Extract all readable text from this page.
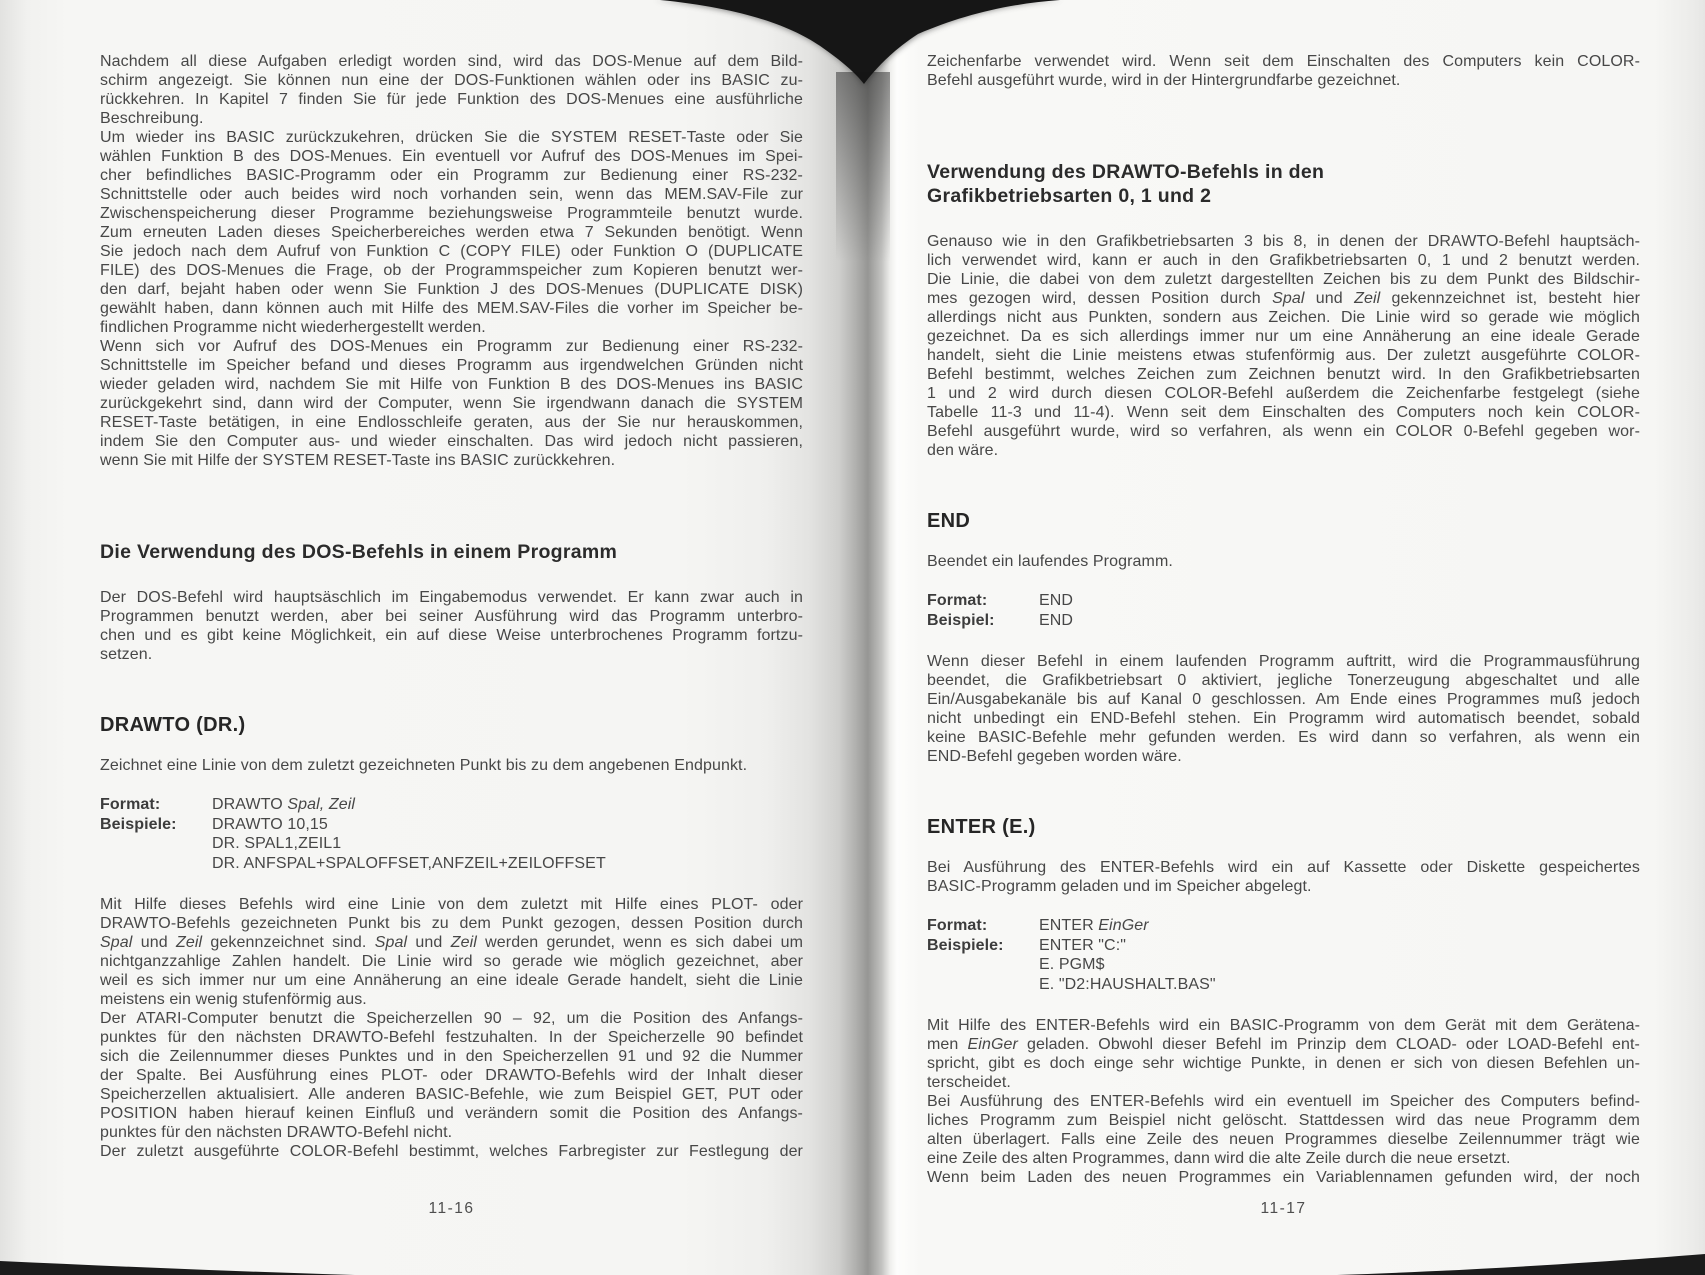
Nachdem all diese Aufgaben erledigt worden sind, wird das DOS-Menue auf dem Bild-
schirm angezeigt. Sie können nun eine der DOS-Funktionen wählen oder ins BASIC zu-
rückkehren. In Kapitel 7 finden Sie für jede Funktion des DOS-Menues eine ausführliche
Beschreibung.
Um wieder ins BASIC zurückzukehren, drücken Sie die SYSTEM RESET-Taste oder Sie
wählen Funktion B des DOS-Menues. Ein eventuell vor Aufruf des DOS-Menues im Spei-
cher befindliches BASIC-Programm oder ein Programm zur Bedienung einer RS-232-
Schnittstelle oder auch beides wird noch vorhanden sein, wenn das MEM.SAV-File zur
Zwischenspeicherung dieser Programme beziehungsweise Programmteile benutzt wurde.
Zum erneuten Laden dieses Speicherbereiches werden etwa 7 Sekunden benötigt. Wenn
Sie jedoch nach dem Aufruf von Funktion C (COPY FILE) oder Funktion O (DUPLICATE
FILE) des DOS-Menues die Frage, ob der Programmspeicher zum Kopieren benutzt wer-
den darf, bejaht haben oder wenn Sie Funktion J des DOS-Menues (DUPLICATE DISK)
gewählt haben, dann können auch mit Hilfe des MEM.SAV-Files die vorher im Speicher be-
findlichen Programme nicht wiederhergestellt werden.
Wenn sich vor Aufruf des DOS-Menues ein Programm zur Bedienung einer RS-232-
Schnittstelle im Speicher befand und dieses Programm aus irgendwelchen Gründen nicht
wieder geladen wird, nachdem Sie mit Hilfe von Funktion B des DOS-Menues ins BASIC
zurückgekehrt sind, dann wird der Computer, wenn Sie irgendwann danach die SYSTEM
RESET-Taste betätigen, in eine Endlosschleife geraten, aus der Sie nur herauskommen,
indem Sie den Computer aus- und wieder einschalten. Das wird jedoch nicht passieren,
wenn Sie mit Hilfe der SYSTEM RESET-Taste ins BASIC zurückkehren.
Die Verwendung des DOS-Befehls in einem Programm
Der DOS-Befehl wird hauptsäschlich im Eingabemodus verwendet. Er kann zwar auch in
Programmen benutzt werden, aber bei seiner Ausführung wird das Programm unterbro-
chen und es gibt keine Möglichkeit, ein auf diese Weise unterbrochenes Programm fortzu-
setzen.
DRAWTO (DR.)
Zeichnet eine Linie von dem zuletzt gezeichneten Punkt bis zu dem angebenen Endpunkt.
Format:	DRAWTO Spal, Zeil
Beispiele:	DRAWTO 10,15
DR. SPAL1,ZEIL1
DR. ANFSPAL+SPALOFFSET,ANFZEIL+ZEILOFFSET
Mit Hilfe dieses Befehls wird eine Linie von dem zuletzt mit Hilfe eines PLOT- oder
DRAWTO-Befehls gezeichneten Punkt bis zu dem Punkt gezogen, dessen Position durch
Spal und Zeil gekennzeichnet sind. Spal und Zeil werden gerundet, wenn es sich dabei um
nichtganzzahlige Zahlen handelt. Die Linie wird so gerade wie möglich gezeichnet, aber
weil es sich immer nur um eine Annäherung an eine ideale Gerade handelt, sieht die Linie
meistens ein wenig stufenförmig aus.
Der ATARI-Computer benutzt die Speicherzellen 90 – 92, um die Position des Anfangs-
punktes für den nächsten DRAWTO-Befehl festzuhalten. In der Speicherzelle 90 befindet
sich die Zeilennummer dieses Punktes und in den Speicherzellen 91 und 92 die Nummer
der Spalte. Bei Ausführung eines PLOT- oder DRAWTO-Befehls wird der Inhalt dieser
Speicherzellen aktualisiert. Alle anderen BASIC-Befehle, wie zum Beispiel GET, PUT oder
POSITION haben hierauf keinen Einfluß und verändern somit die Position des Anfangs-
punktes für den nächsten DRAWTO-Befehl nicht.
Der zuletzt ausgeführte COLOR-Befehl bestimmt, welches Farbregister zur Festlegung der
Zeichenfarbe verwendet wird. Wenn seit dem Einschalten des Computers kein COLOR-
Befehl ausgeführt wurde, wird in der Hintergrundfarbe gezeichnet.
Verwendung des DRAWTO-Befehls in den
Grafikbetriebsarten 0, 1 und 2
Genauso wie in den Grafikbetriebsarten 3 bis 8, in denen der DRAWTO-Befehl hauptsäch-
lich verwendet wird, kann er auch in den Grafikbetriebsarten 0, 1 und 2 benutzt werden.
Die Linie, die dabei von dem zuletzt dargestellten Zeichen bis zu dem Punkt des Bildschir-
mes gezogen wird, dessen Position durch Spal und Zeil gekennzeichnet ist, besteht hier
allerdings nicht aus Punkten, sondern aus Zeichen. Die Linie wird so gerade wie möglich
gezeichnet. Da es sich allerdings immer nur um eine Annäherung an eine ideale Gerade
handelt, sieht die Linie meistens etwas stufenförmig aus. Der zuletzt ausgeführte COLOR-
Befehl bestimmt, welches Zeichen zum Zeichnen benutzt wird. In den Grafikbetriebsarten
1 und 2 wird durch diesen COLOR-Befehl außerdem die Zeichenfarbe festgelegt (siehe
Tabelle 11-3 und 11-4). Wenn seit dem Einschalten des Computers noch kein COLOR-
Befehl ausgeführt wurde, wird so verfahren, als wenn ein COLOR 0-Befehl gegeben wor-
den wäre.
END
Beendet ein laufendes Programm.
Format:	END
Beispiel:	END
Wenn dieser Befehl in einem laufenden Programm auftritt, wird die Programmausführung
beendet, die Grafikbetriebsart 0 aktiviert, jegliche Tonerzeugung abgeschaltet und alle
Ein/Ausgabekanäle bis auf Kanal 0 geschlossen. Am Ende eines Programmes muß jedoch
nicht unbedingt ein END-Befehl stehen. Ein Programm wird automatisch beendet, sobald
keine BASIC-Befehle mehr gefunden werden. Es wird dann so verfahren, als wenn ein
END-Befehl gegeben worden wäre.
ENTER (E.)
Bei Ausführung des ENTER-Befehls wird ein auf Kassette oder Diskette gespeichertes
BASIC-Programm geladen und im Speicher abgelegt.
Format:	ENTER EinGer
Beispiele:	ENTER "C:"
E. PGM$
E. "D2:HAUSHALT.BAS"
Mit Hilfe des ENTER-Befehls wird ein BASIC-Programm von dem Gerät mit dem Gerätena-
men EinGer geladen. Obwohl dieser Befehl im Prinzip dem CLOAD- oder LOAD-Befehl ent-
spricht, gibt es doch einge sehr wichtige Punkte, in denen er sich von diesen Befehlen un-
terscheidet.
Bei Ausführung des ENTER-Befehls wird ein eventuell im Speicher des Computers befind-
liches Programm zum Beispiel nicht gelöscht. Stattdessen wird das neue Programm dem
alten überlagert. Falls eine Zeile des neuen Programmes dieselbe Zeilennummer trägt wie
eine Zeile des alten Programmes, dann wird die alte Zeile durch die neue ersetzt.
Wenn beim Laden des neuen Programmes ein Variablennamen gefunden wird, der noch
11-16	11-17
